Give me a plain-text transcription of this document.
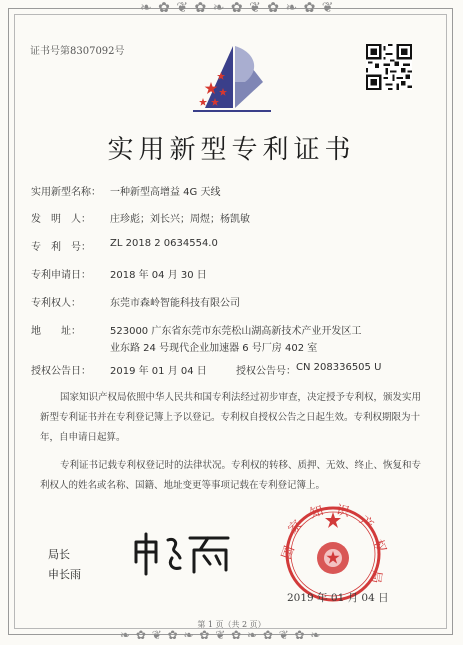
❧ ✿ ❦ ✿ ❧ ✿ ❦ ✿ ❧ ✿ ❦
❧ ✿ ❦ ✿ ❧ ✿ ❦ ✿ ❧ ✿ ❦ ✿ ❧
证书号第8307092号
实用新型专利证书
实用新型名称： 一种新型高增益 4G 天线
发　明　人： 庄珍彪；刘长兴；周煜；杨凯敏
专　利　号： ZL 2018 2 0634554.0
专利申请日： 2018 年 04 月 30 日
专利权人：	东莞市森岭智能科技有限公司
地　　址：	523000 广东省东莞市东莞松山湖高新技术产业开发区工
业东路 24 号现代企业加速器 6 号厂房 402 室
授权公告日： 2019 年 01 月 04 日	授权公告号： CN 208336505 U
国家知识产权局依照中华人民共和国专利法经过初步审查，决定授予专利权，颁发实用
新型专利证书并在专利登记簿上予以登记。专利权自授权公告之日起生效。专利权期限为十
年，自申请日起算。
专利证书记载专利权登记时的法律状况。专利权的转移、质押、无效、终止、恢复和专
利权人的姓名或名称、国籍、地址变更等事项记载在专利登记簿上。
局长
申长雨
国
家
知 识
产
权
局
2019 年 01 月 04 日
第 1 页（共 2 页）
